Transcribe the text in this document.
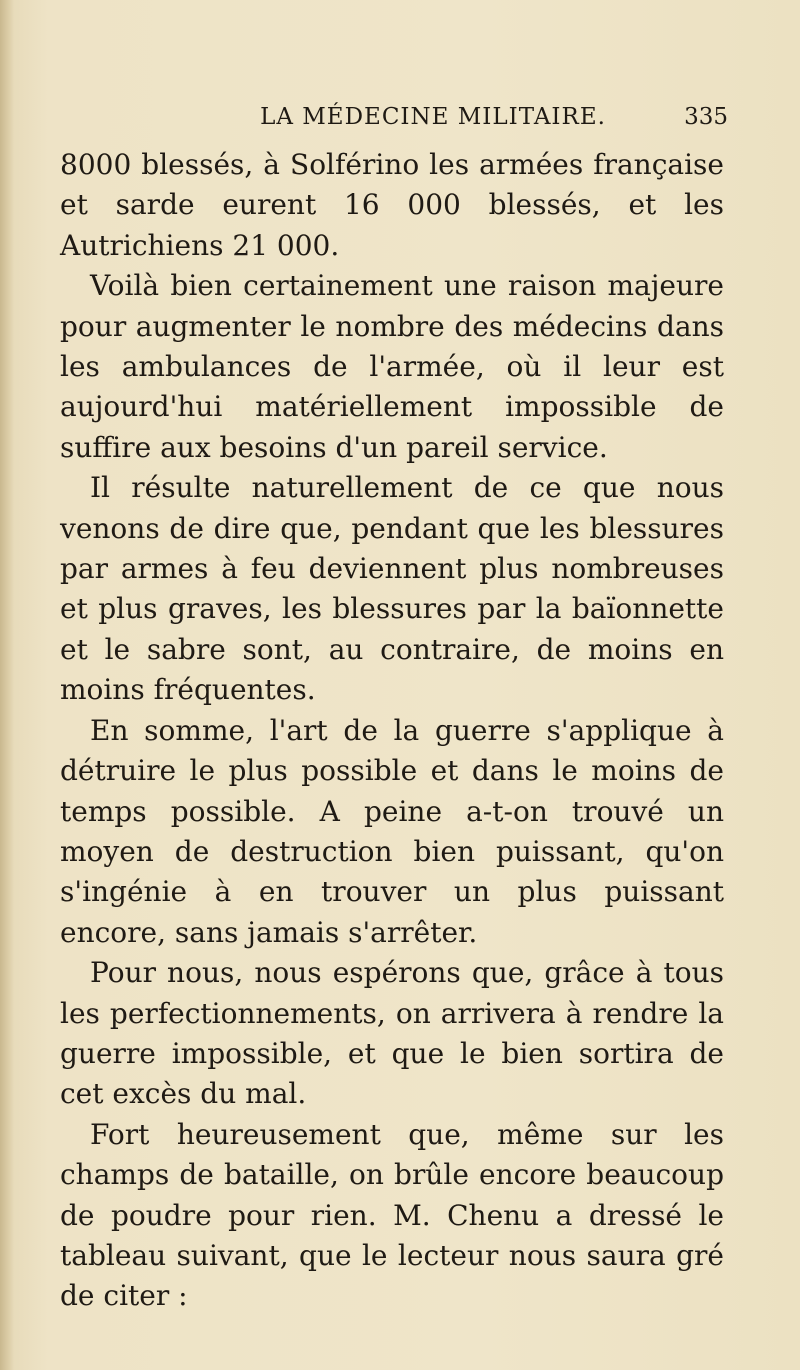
LA MÉDECINE MILITAIRE.	335

8000 blessés, à Solférino les armées française et sarde eurent 16 000 blessés, et les Autrichiens 21 000.

Voilà bien certainement une raison majeure pour augmenter le nombre des médecins dans les ambulances de l'armée, où il leur est aujourd'hui matériellement impossible de suffire aux besoins d'un pareil service.

Il résulte naturellement de ce que nous venons de dire que, pendant que les blessures par armes à feu deviennent plus nombreuses et plus graves, les blessures par la baïonnette et le sabre sont, au contraire, de moins en moins fréquentes.

En somme, l'art de la guerre s'applique à détruire le plus possible et dans le moins de temps possible. A peine a-t-on trouvé un moyen de destruction bien puissant, qu'on s'ingénie à en trouver un plus puissant encore, sans jamais s'arrêter.

Pour nous, nous espérons que, grâce à tous les perfectionnements, on arrivera à rendre la guerre impossible, et que le bien sortira de cet excès du mal.

Fort heureusement que, même sur les champs de bataille, on brûle encore beaucoup de poudre pour rien. M. Chenu a dressé le tableau suivant, que le lecteur nous saura gré de citer :
